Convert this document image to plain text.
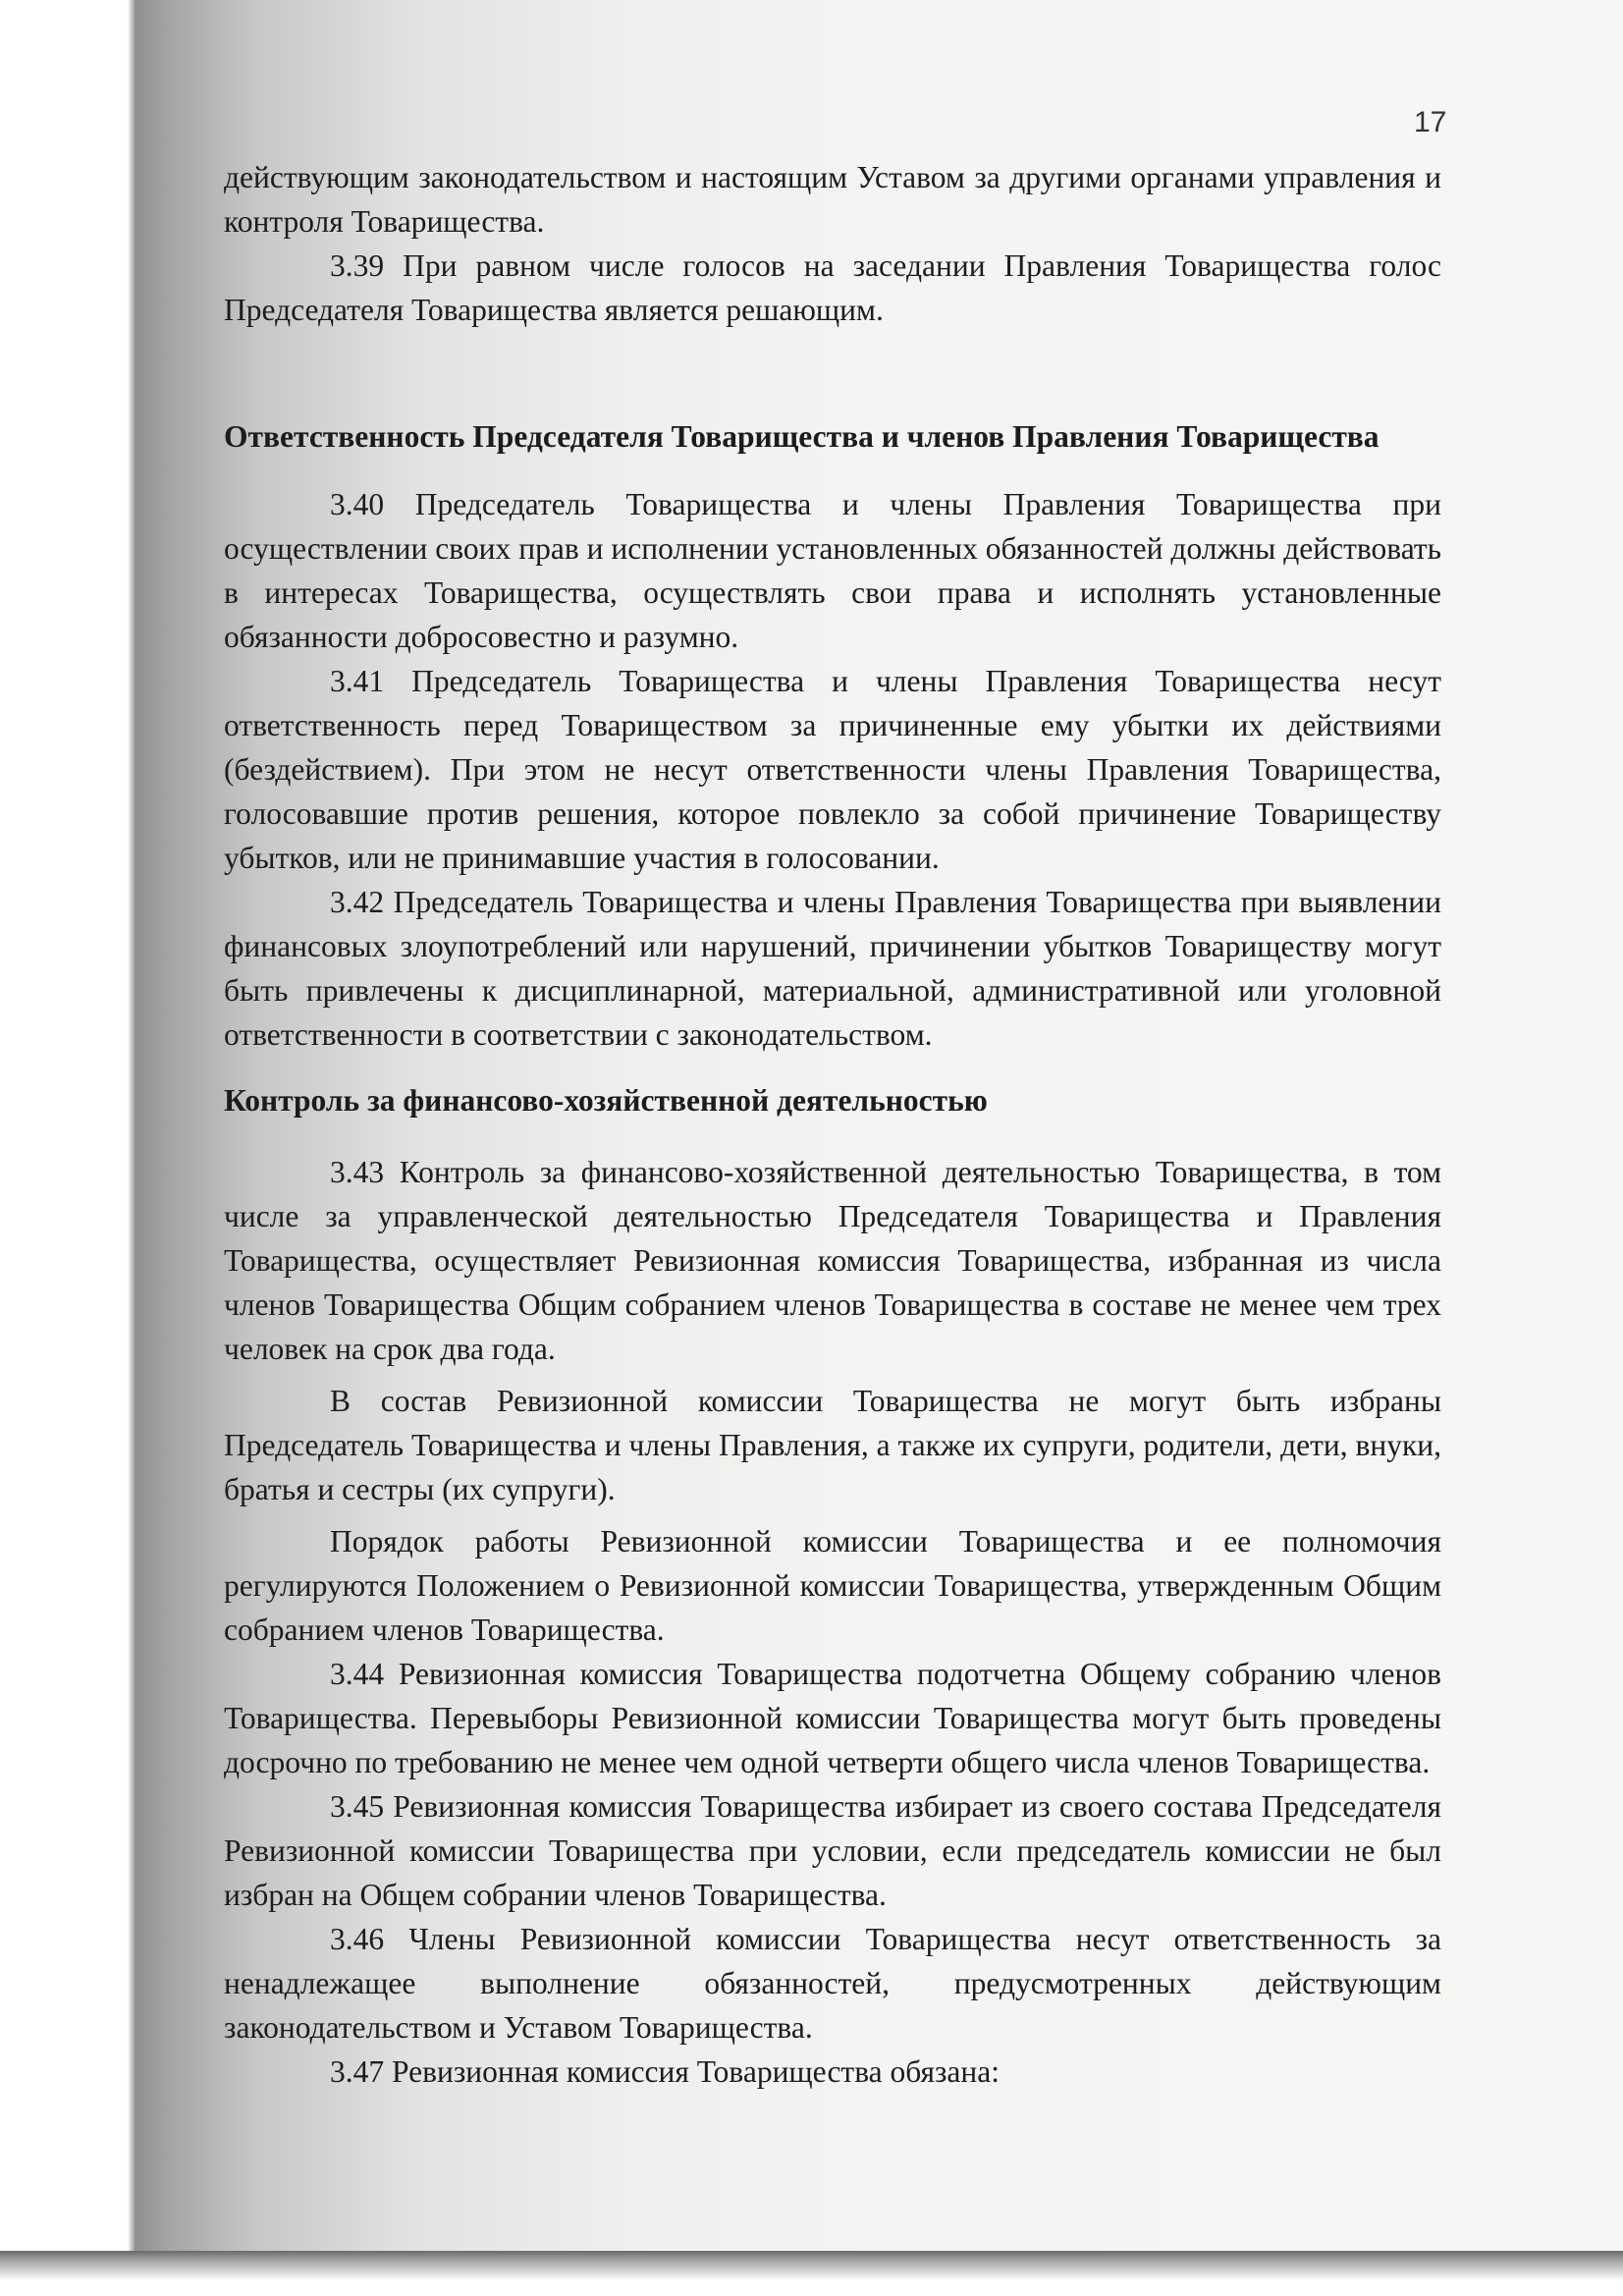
17

действующим законодательством и настоящим Уставом за другими органами управления и контроля Товарищества.

3.39 При равном числе голосов на заседании Правления Товарищества голос Председателя Товарищества является решающим.

Ответственность Председателя Товарищества и членов Правления Товарищества

3.40 Председатель Товарищества и члены Правления Товарищества при осуществлении своих прав и исполнении установленных обязанностей должны действовать в интересах Товарищества, осуществлять свои права и исполнять установленные обязанности добросовестно и разумно.

3.41 Председатель Товарищества и члены Правления Товарищества несут ответственность перед Товариществом за причиненные ему убытки их действиями (бездействием). При этом не несут ответственности члены Правления Товарищества, голосовавшие против решения, которое повлекло за собой причинение Товариществу убытков, или не принимавшие участия в голосовании.

3.42 Председатель Товарищества и члены Правления Товарищества при выявлении финансовых злоупотреблений или нарушений, причинении убытков Товариществу могут быть привлечены к дисциплинарной, материальной, административной или уголовной ответственности в соответствии с законодательством.

Контроль за финансово-хозяйственной деятельностью

3.43 Контроль за финансово-хозяйственной деятельностью Товарищества, в том числе за управленческой деятельностью Председателя Товарищества и Правления Товарищества, осуществляет Ревизионная комиссия Товарищества, избранная из числа членов Товарищества Общим собранием членов Товарищества в составе не менее чем трех человек на срок два года.

В состав Ревизионной комиссии Товарищества не могут быть избраны Председатель Товарищества и члены Правления, а также их супруги, родители, дети, внуки, братья и сестры (их супруги).

Порядок работы Ревизионной комиссии Товарищества и ее полномочия регулируются Положением о Ревизионной комиссии Товарищества, утвержденным Общим собранием членов Товарищества.

3.44 Ревизионная комиссия Товарищества подотчетна Общему собранию членов Товарищества. Перевыборы Ревизионной комиссии Товарищества могут быть проведены досрочно по требованию не менее чем одной четверти общего числа членов Товарищества.

3.45 Ревизионная комиссия Товарищества избирает из своего состава Председателя Ревизионной комиссии Товарищества при условии, если председатель комиссии не был избран на Общем собрании членов Товарищества.

3.46 Члены Ревизионной комиссии Товарищества несут ответственность за ненадлежащее выполнение обязанностей, предусмотренных действующим законодательством и Уставом Товарищества.

3.47 Ревизионная комиссия Товарищества обязана:
